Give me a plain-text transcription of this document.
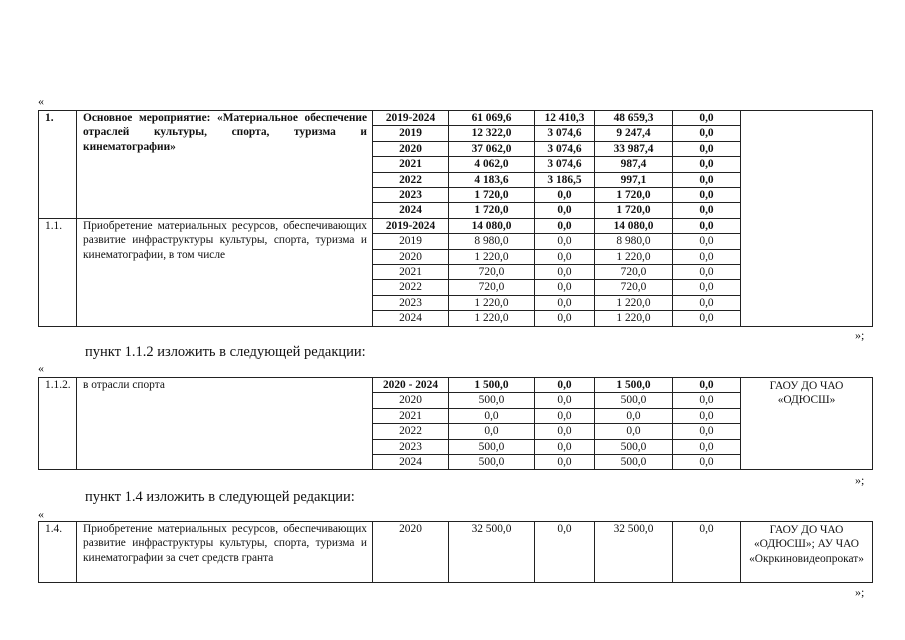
«
1.	Основное мероприятие: «Материальное обеспечение отраслей культуры, спорта, туризма и кинематографии»	2019-2024	61 069,6	12 410,3	48 659,3	0,0	
		2019	12 322,0	3 074,6	9 247,4	0,0	
		2020	37 062,0	3 074,6	33 987,4	0,0	
		2021	4 062,0	3 074,6	987,4	0,0	
		2022	4 183,6	3 186,5	997,1	0,0	
		2023	1 720,0	0,0	1 720,0	0,0	
		2024	1 720,0	0,0	1 720,0	0,0	
1.1.	Приобретение материальных ресурсов, обеспечивающих развитие инфраструктуры культуры, спорта, туризма и кинематографии, в том числе	2019-2024	14 080,0	0,0	14 080,0	0,0	
		2019	8 980,0	0,0	8 980,0	0,0	
		2020	1 220,0	0,0	1 220,0	0,0	
		2021	720,0	0,0	720,0	0,0	
		2022	720,0	0,0	720,0	0,0	
		2023	1 220,0	0,0	1 220,0	0,0	
		2024	1 220,0	0,0	1 220,0	0,0	
»;
пункт 1.1.2 изложить в следующей редакции:
«
1.1.2.	в отрасли спорта	2020 - 2024	1 500,0	0,0	1 500,0	0,0	ГАОУ ДО ЧАО «ОДЮСШ»
		2020	500,0	0,0	500,0	0,0	
		2021	0,0	0,0	0,0	0,0	
		2022	0,0	0,0	0,0	0,0	
		2023	500,0	0,0	500,0	0,0	
		2024	500,0	0,0	500,0	0,0	
»;
пункт 1.4 изложить в следующей редакции:
«
1.4.	Приобретение материальных ресурсов, обеспечивающих развитие инфраструктуры культуры, спорта, туризма и кинематографии за счет средств гранта	2020	32 500,0	0,0	32 500,0	0,0	ГАОУ ДО ЧАО «ОДЮСШ»; АУ ЧАО «Окркиновидеопрокат»
»;
